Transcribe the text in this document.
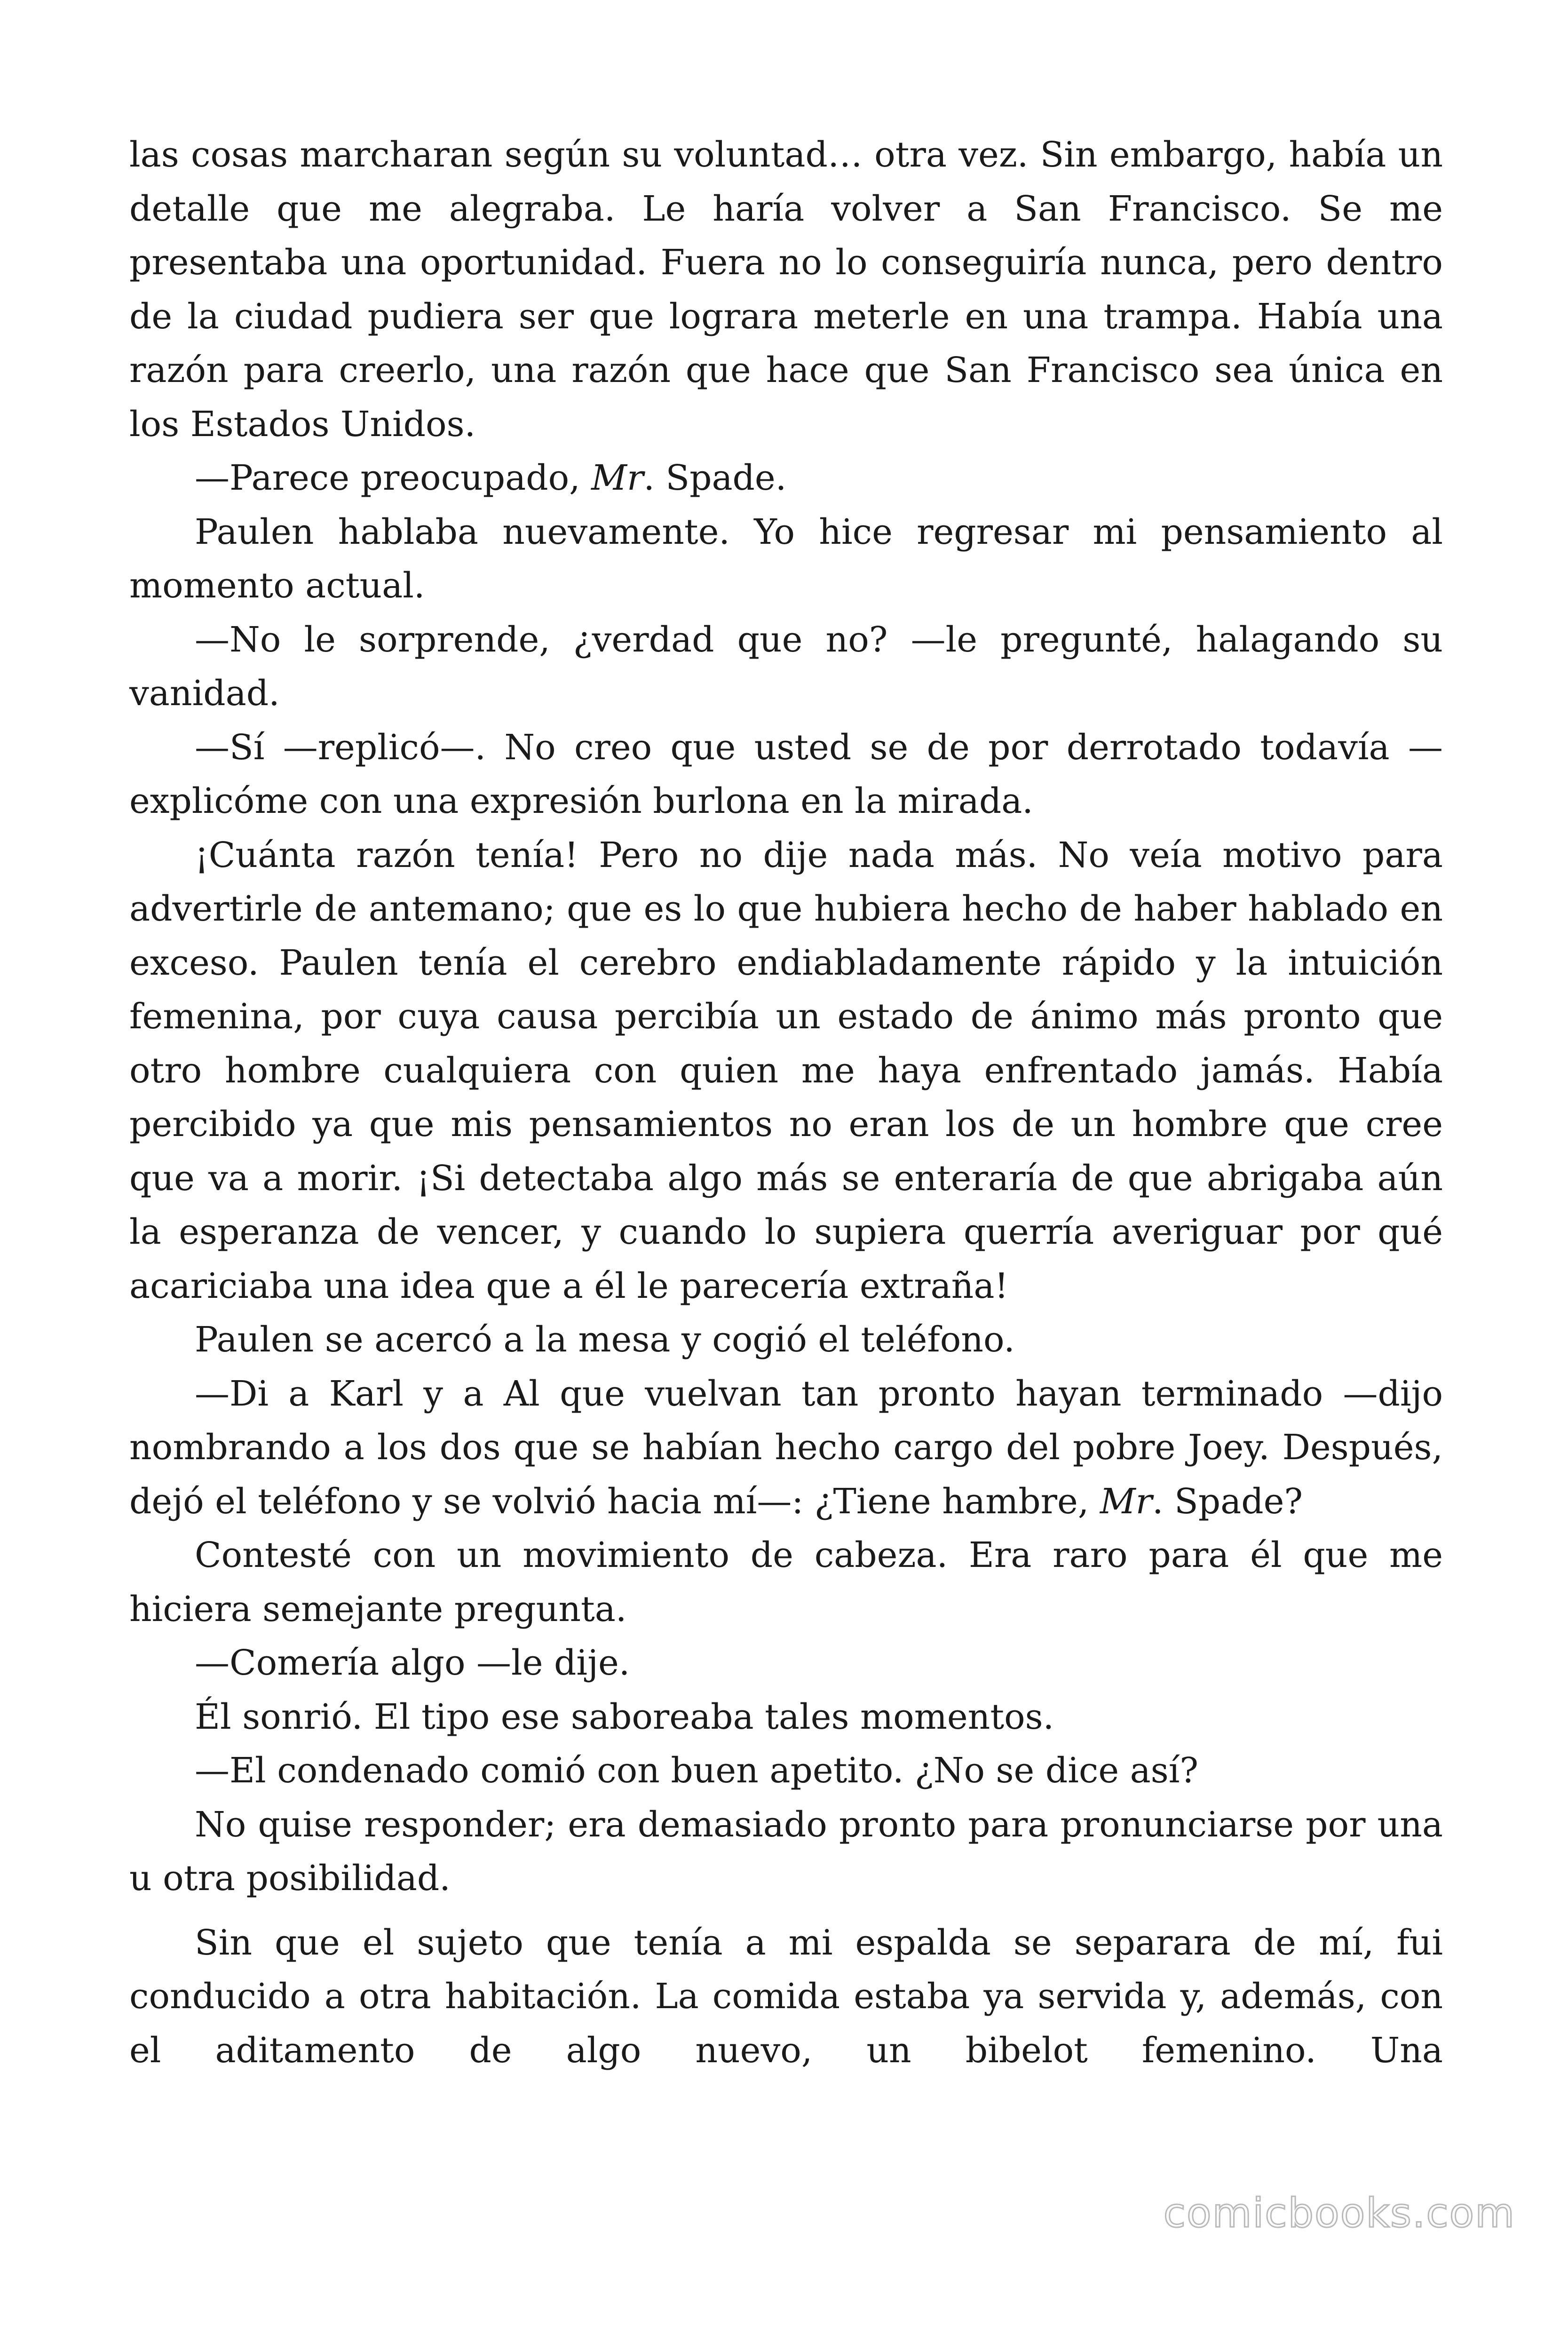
las cosas marcharan según su voluntad… otra vez. Sin embargo, había un detalle que me alegraba. Le haría volver a San Francisco. Se me presentaba una oportunidad. Fuera no lo conseguiría nunca, pero dentro de la ciudad pudiera ser que lograra meterle en una trampa. Había una razón para creerlo, una razón que hace que San Francisco sea única en los Estados Unidos.

—Parece preocupado, Mr. Spade.

Paulen hablaba nuevamente. Yo hice regresar mi pensamiento al momento actual.

—No le sorprende, ¿verdad que no? —le pregunté, halagando su vanidad.

—Sí —replicó—. No creo que usted se de por derrotado todavía —explicóme con una expresión burlona en la mirada.

¡Cuánta razón tenía! Pero no dije nada más. No veía motivo para advertirle de antemano; que es lo que hubiera hecho de haber hablado en exceso. Paulen tenía el cerebro endiabladamente rápido y la intuición femenina, por cuya causa percibía un estado de ánimo más pronto que otro hombre cualquiera con quien me haya enfrentado jamás. Había percibido ya que mis pensamientos no eran los de un hombre que cree que va a morir. ¡Si detectaba algo más se enteraría de que abrigaba aún la esperanza de vencer, y cuando lo supiera querría averiguar por qué acariciaba una idea que a él le parecería extraña!

Paulen se acercó a la mesa y cogió el teléfono.

—Di a Karl y a Al que vuelvan tan pronto hayan terminado —dijo nombrando a los dos que se habían hecho cargo del pobre Joey. Después, dejó el teléfono y se volvió hacia mí—: ¿Tiene hambre, Mr. Spade?

Contesté con un movimiento de cabeza. Era raro para él que me hiciera semejante pregunta.

—Comería algo —le dije.

Él sonrió. El tipo ese saboreaba tales momentos.

—El condenado comió con buen apetito. ¿No se dice así?

No quise responder; era demasiado pronto para pronunciarse por una u otra posibilidad.

Sin que el sujeto que tenía a mi espalda se separara de mí, fui conducido a otra habitación. La comida estaba ya servida y, además, con el aditamento de algo nuevo, un bibelot femenino. Una

comicbooks.com
